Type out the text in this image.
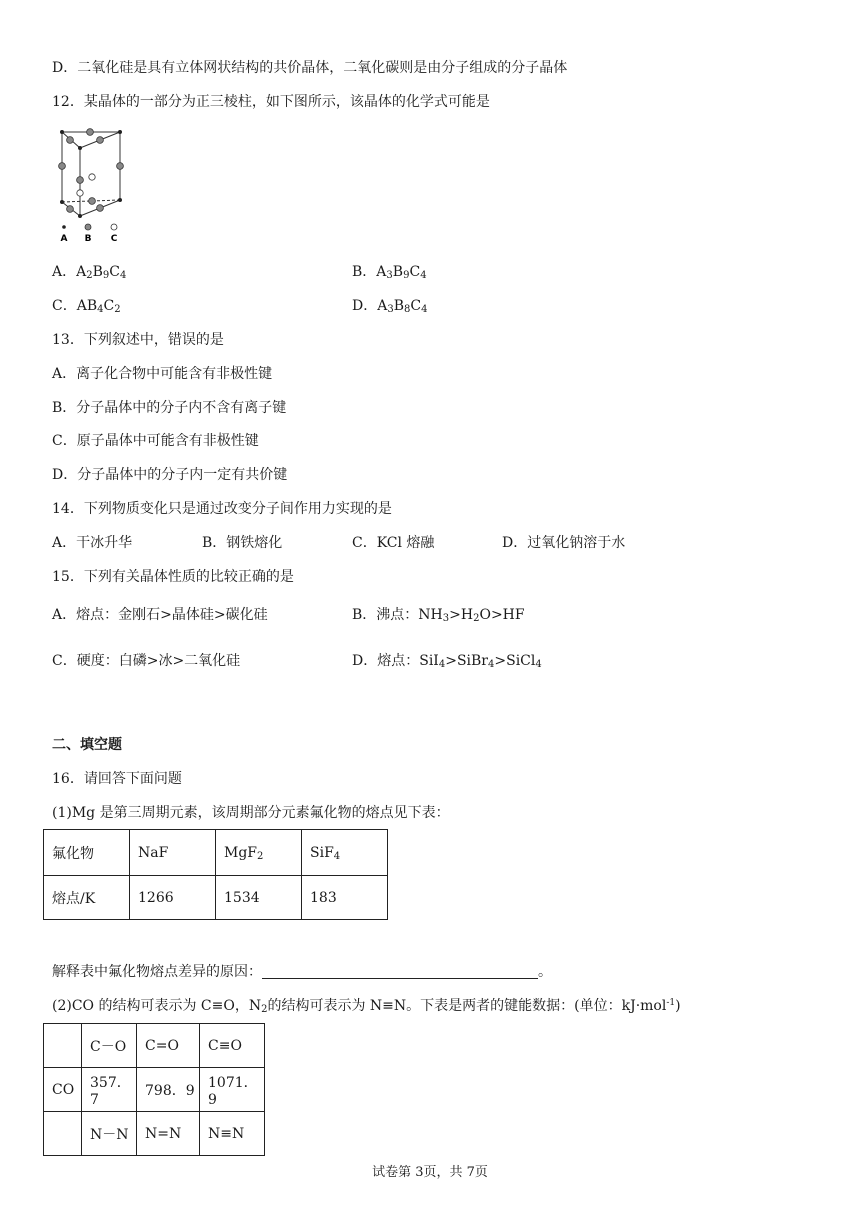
D．二氧化硅是具有立体网状结构的共价晶体，二氧化碳则是由分子组成的分子晶体
12．某晶体的一部分为正三棱柱，如下图所示，该晶体的化学式可能是
A B C
A．$A_2B_9C_4$	B．$A_3B_9C_4$
C．$AB_4C_2$	D．$A_3B_8C_4$
13．下列叙述中，错误的是
A．离子化合物中可能含有非极性键
B．分子晶体中的分子内不含有离子键
C．原子晶体中可能含有非极性键
D．分子晶体中的分子内一定有共价键
14．下列物质变化只是通过改变分子间作用力实现的是
A．干冰升华	B．钢铁熔化	C．KCl 熔融	D．过氧化钠溶于水
15．下列有关晶体性质的比较正确的是
A．熔点：金刚石>晶体硅>碳化硅	B．沸点：$NH_3>H_2O>HF$
C．硬度：白磷>冰>二氧化硅	D．熔点：SiI$_4$>SiBr$_4$>SiCl$_4$
二、填空题
16．请回答下面问题
(1)Mg 是第三周期元素，该周期部分元素氟化物的熔点见下表：
氟化物	NaF	MgF$_2$	SiF$_4$
熔点/K	1266	1534	183
解释表中氟化物熔点差异的原因：	。
(2)CO 的结构可表示为 C≡O，$N_2$的结构可表示为 N≡N。下表是两者的键能数据：(单位：kJ·mol$^{-1}$)
	C－O	C=O	C≡O
CO	357．7	798．9	1071．9
	N－N	N=N	N≡N
试卷第 3页，共 7页
